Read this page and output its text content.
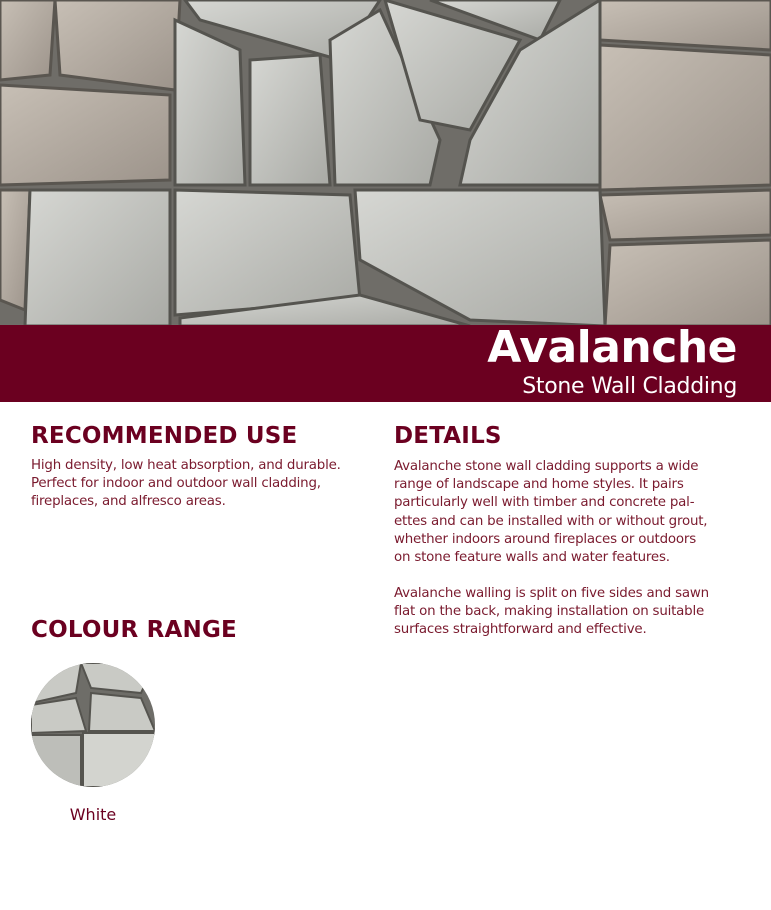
Avalanche
Stone Wall Cladding
RECOMMENDED USE
High density, low heat absorption, and durable.
Perfect for indoor and outdoor wall cladding,
fireplaces, and alfresco areas.
DETAILS
Avalanche stone wall cladding supports a wide
range of landscape and home styles. It pairs
particularly well with timber and concrete pal-
ettes and can be installed with or without grout,
whether indoors around fireplaces or outdoors
on stone feature walls and water features.
Avalanche walling is split on five sides and sawn
flat on the back, making installation on suitable
surfaces straightforward and effective.
COLOUR RANGE
White
